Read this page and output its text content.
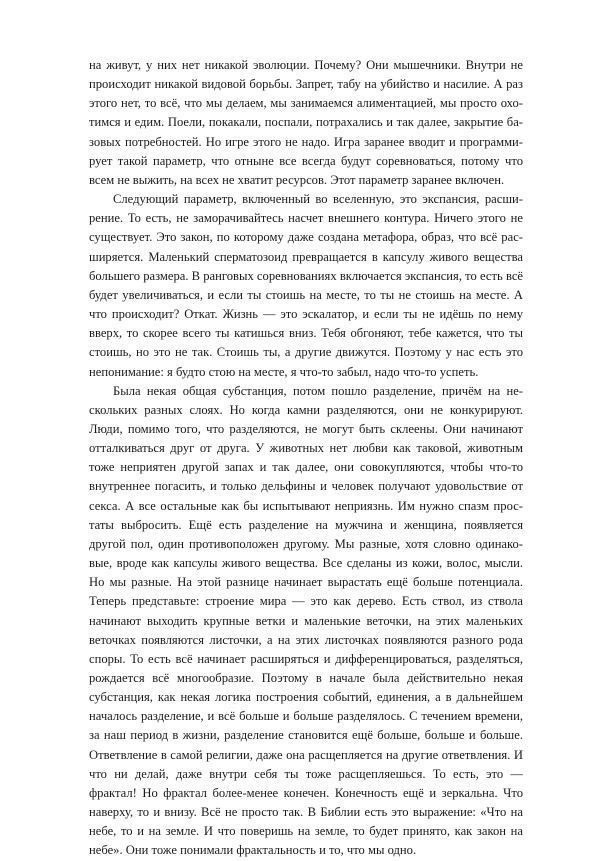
на живут, у них нет никакой эволюции. Почему? Они мышечники. Внутри не происходит никакой видовой борьбы. Запрет, табу на убийство и насилие. А раз этого нет, то всё, что мы делаем, мы занимаемся алиментацией, мы просто охотимся и едим. Поели, покакали, поспали, потрахались и так далее, закрытие базовых потребностей. Но игре этого не надо. Игра заранее вводит и программирует такой параметр, что отныне все всегда будут соревноваться, потому что всем не выжить, на всех не хватит ресурсов. Этот параметр заранее включен.

Следующий параметр, включенный во вселенную, это экспансия, расширение. То есть, не заморачивайтесь насчет внешнего контура. Ничего этого не существует. Это закон, по которому даже создана метафора, образ, что всё расширяется. Маленький сперматозоид превращается в капсулу живого вещества большего размера. В ранговых соревнованиях включается экспансия, то есть всё будет увеличиваться, и если ты стоишь на месте, то ты не стоишь на месте. А что происходит? Откат. Жизнь — это эскалатор, и если ты не идёшь по нему вверх, то скорее всего ты катишься вниз. Тебя обгоняют, тебе кажется, что ты стоишь, но это не так. Стоишь ты, а другие движутся. Поэтому у нас есть это непонимание: я будто стою на месте, я что-то забыл, надо что-то успеть.

Была некая общая субстанция, потом пошло разделение, причём на нескольких разных слоях. Но когда камни разделяются, они не конкурируют. Люди, помимо того, что разделяются, не могут быть склеены. Они начинают отталкиваться друг от друга. У животных нет любви как таковой, животным тоже неприятен другой запах и так далее, они совокупляются, чтобы что-то внутреннее погасить, и только дельфины и человек получают удовольствие от секса. А все остальные как бы испытывают неприязнь. Им нужно спазм простаты выбросить. Ещё есть разделение на мужчина и женщина, появляется другой пол, один противоположен другому. Мы разные, хотя словно одинаковые, вроде как капсулы живого вещества. Все сделаны из кожи, волос, мысли. Но мы разные. На этой разнице начинает вырастать ещё больше потенциала. Теперь представьте: строение мира — это как дерево. Есть ствол, из ствола начинают выходить крупные ветки и маленькие веточки, на этих маленьких веточках появляются листочки, а на этих листочках появляются разного рода споры. То есть всё начинает расширяться и дифференцироваться, разделяться, рождается всё многообразие. Поэтому в начале была действительно некая субстанция, как некая логика построения событий, единения, а в дальнейшем началось разделение, и всё больше и больше разделялось. С течением времени, за наш период в жизни, разделение становится ещё больше, больше и больше. Ответвление в самой религии, даже она расщепляется на другие ответвления. И что ни делай, даже внутри себя ты тоже расщепляешься. То есть, это — фрактал! Но фрактал более-менее конечен. Конечность ещё и зеркальна. Что наверху, то и внизу. Всё не просто так. В Библии есть это выражение: «Что на небе, то и на земле. И что поверишь на земле, то будет принято, как закон на небе». Они тоже понимали фрактальность и то, что мы одно.
